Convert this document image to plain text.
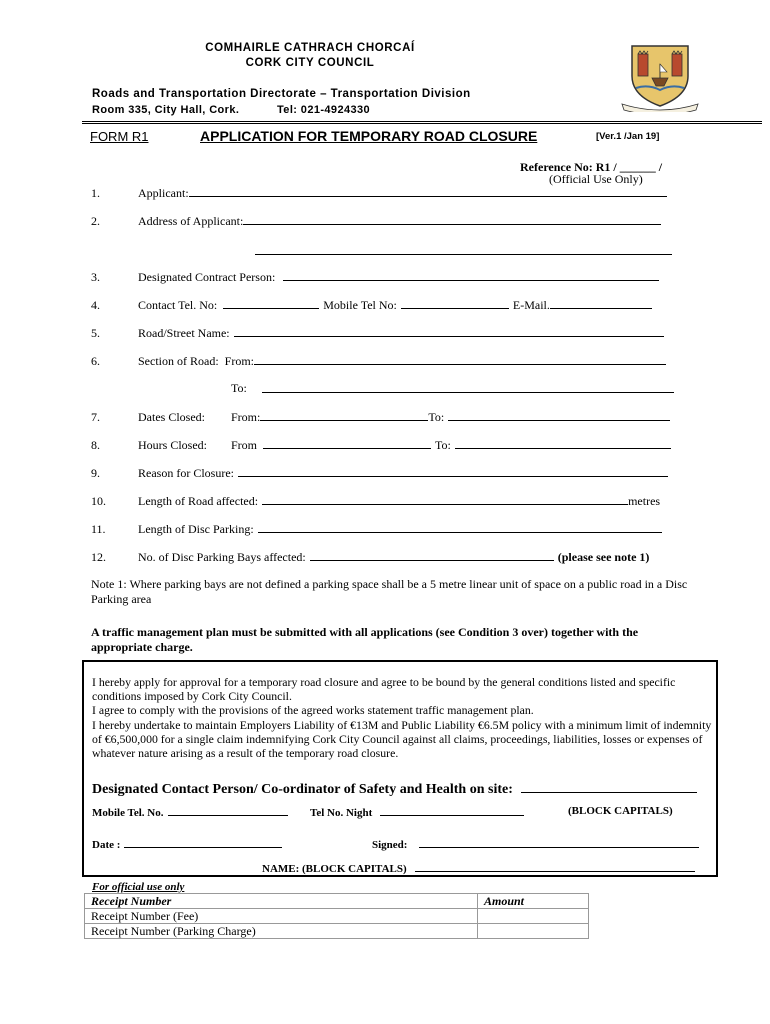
COMHAIRLE CATHRACH CHORCAÍ
CORK CITY COUNCIL
Roads and Transportation Directorate – Transportation Division
Room 335, City Hall, Cork.	Tel: 021-4924330
FORM R1	APPLICATION FOR TEMPORARY ROAD CLOSURE	[Ver.1 /Jan 19]
Reference No: R1 / ______ /
(Official Use Only)
1.	Applicant:
2.	Address of Applicant:
3.	Designated Contract Person:
4.	Contact Tel. No:	Mobile Tel No:	E-Mail.
5.	Road/Street Name:
6.	Section of Road: From:
To:
7.	Dates Closed: From:	To:
8.	Hours Closed: From	To:
9.	Reason for Closure:
10.	Length of Road affected:	metres
11.	Length of Disc Parking:
12.	No. of Disc Parking Bays affected:	(please see note 1)
Note 1: Where parking bays are not defined a parking space shall be a 5 metre linear unit of space on a public road in a Disc Parking area
A traffic management plan must be submitted with all applications (see Condition 3 over) together with the appropriate charge.

I hereby apply for approval for a temporary road closure and agree to be bound by the general conditions listed and specific conditions imposed by Cork City Council.

I agree to comply with the provisions of the agreed works statement traffic management plan.

I hereby undertake to maintain Employers Liability of €13M and Public Liability €6.5M policy with a minimum limit of indemnity of €6,500,000 for a single claim indemnifying Cork City Council against all claims, proceedings, liabilities, losses or expenses of whatever nature arising as a result of the temporary road closure.

Designated Contact Person/ Co-ordinator of Safety and Health on site:
Mobile Tel. No.	Tel No. Night	(BLOCK CAPITALS)
Date :	Signed:
NAME: (BLOCK CAPITALS)
For official use only
Receipt Number	Amount
Receipt Number (Fee)	
Receipt Number (Parking Charge)	
